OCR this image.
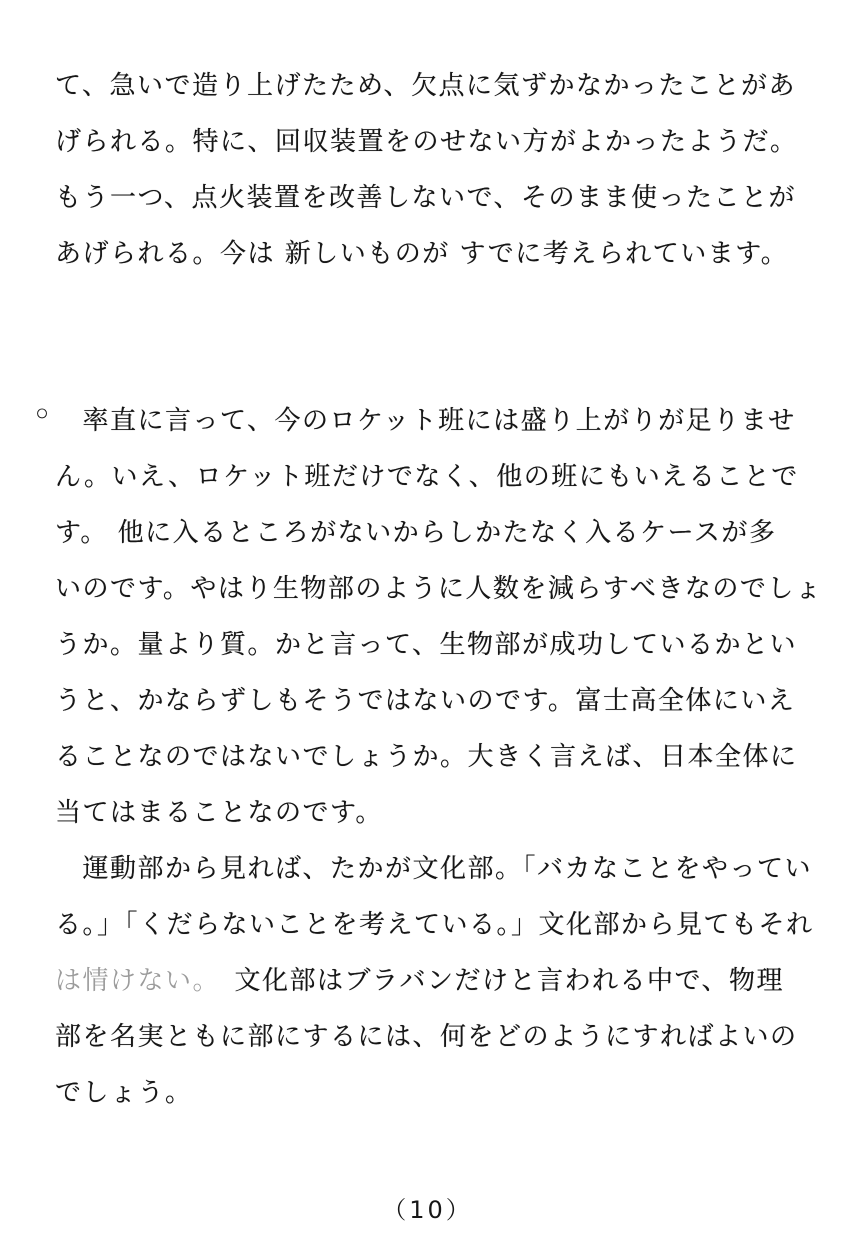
て、急いで造り上げたため、欠点に気ずかなかったことがあ
げられる。特に、回収装置をのせない方がよかったようだ。
もう一つ、点火装置を改善しないで、そのまま使ったことが
あげられる。今は 新しいものが すでに考えられています。
◦ 　率直に言って、今のロケット班には盛り上がりが足りませ
ん。いえ、ロケット班だけでなく、他の班にもいえることで
す。 他に入るところがないからしかたなく入るケースが多
いのです。やはり生物部のように人数を減らすべきなのでしょ
うか。量より質。かと言って、生物部が成功しているかとい
うと、かならずしもそうではないのです。富士高全体にいえ
ることなのではないでしょうか。大きく言えば、日本全体に
当てはまることなのです。
　運動部から見れば、たかが文化部。「バカなことをやってい
る。」「くだらないことを考えている。」文化部から見てもそれ
は情けない。　文化部はブラバンだけと言われる中で、物理
部を名実ともに部にするには、何をどのようにすればよいの
でしょう。
（10）
